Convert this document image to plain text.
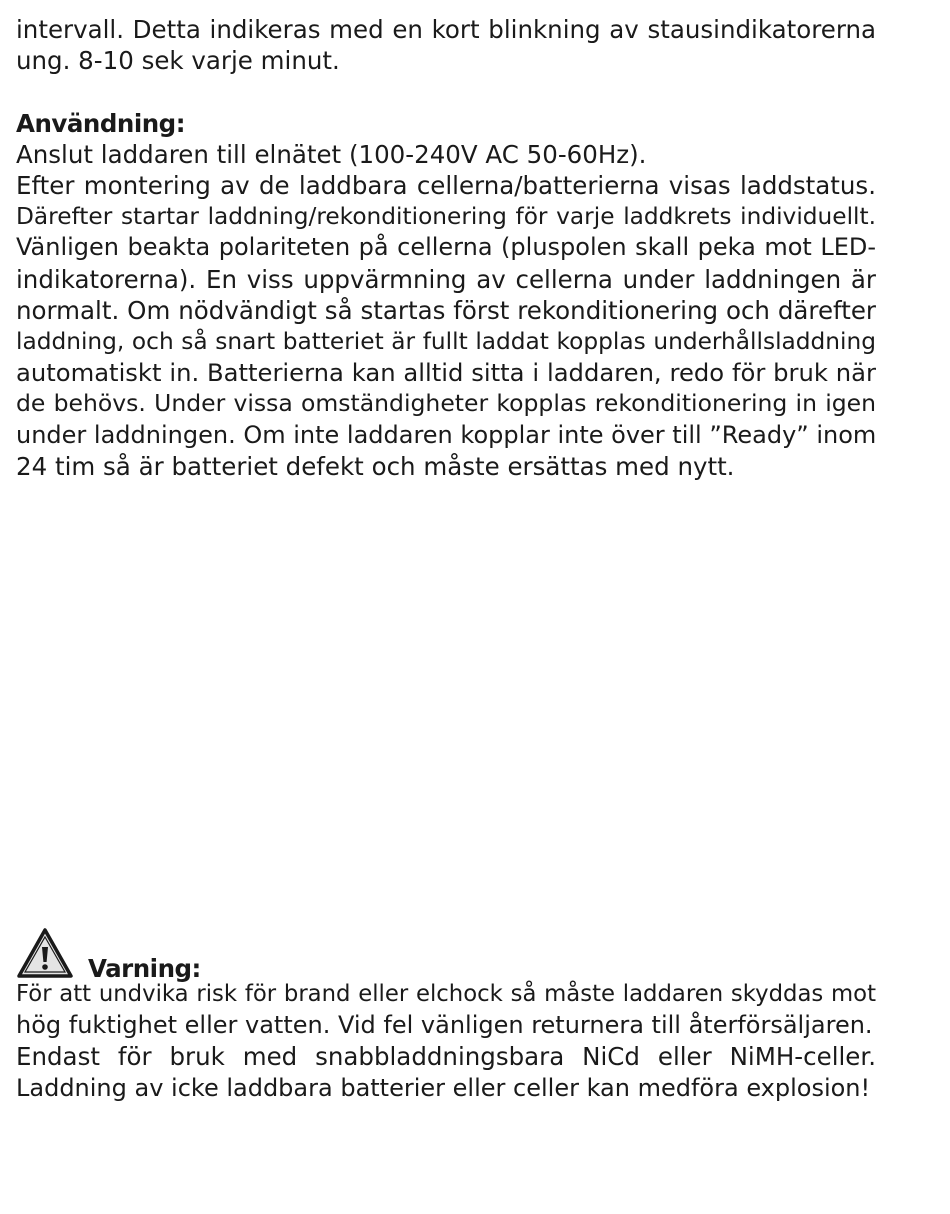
intervall. Detta indikeras med en kort blinkning av stausindikatorerna
ung. 8-10 sek varje minut.
Användning:
Anslut laddaren till elnätet (100-240V AC 50-60Hz).
Efter montering av de laddbara cellerna/batterierna visas laddstatus.
Därefter startar laddning/rekonditionering för varje laddkrets individuellt.
Vänligen beakta polariteten på cellerna (pluspolen skall peka mot LED-
indikatorerna). En viss uppvärmning av cellerna under laddningen är
normalt. Om nödvändigt så startas först rekonditionering och därefter
laddning, och så snart batteriet är fullt laddat kopplas underhållsladdning
automatiskt in. Batterierna kan alltid sitta i laddaren, redo för bruk när
de behövs. Under vissa omständigheter kopplas rekonditionering in igen
under laddningen. Om inte laddaren kopplar inte över till ”Ready” inom
24 tim så är batteriet defekt och måste ersättas med nytt.
Varning:
För att undvika risk för brand eller elchock så måste laddaren skyddas mot
hög fuktighet eller vatten. Vid fel vänligen returnera till återförsäljaren.
Endast för bruk med snabbladdningsbara NiCd eller NiMH-celler.
Laddning av icke laddbara batterier eller celler kan medföra explosion!
